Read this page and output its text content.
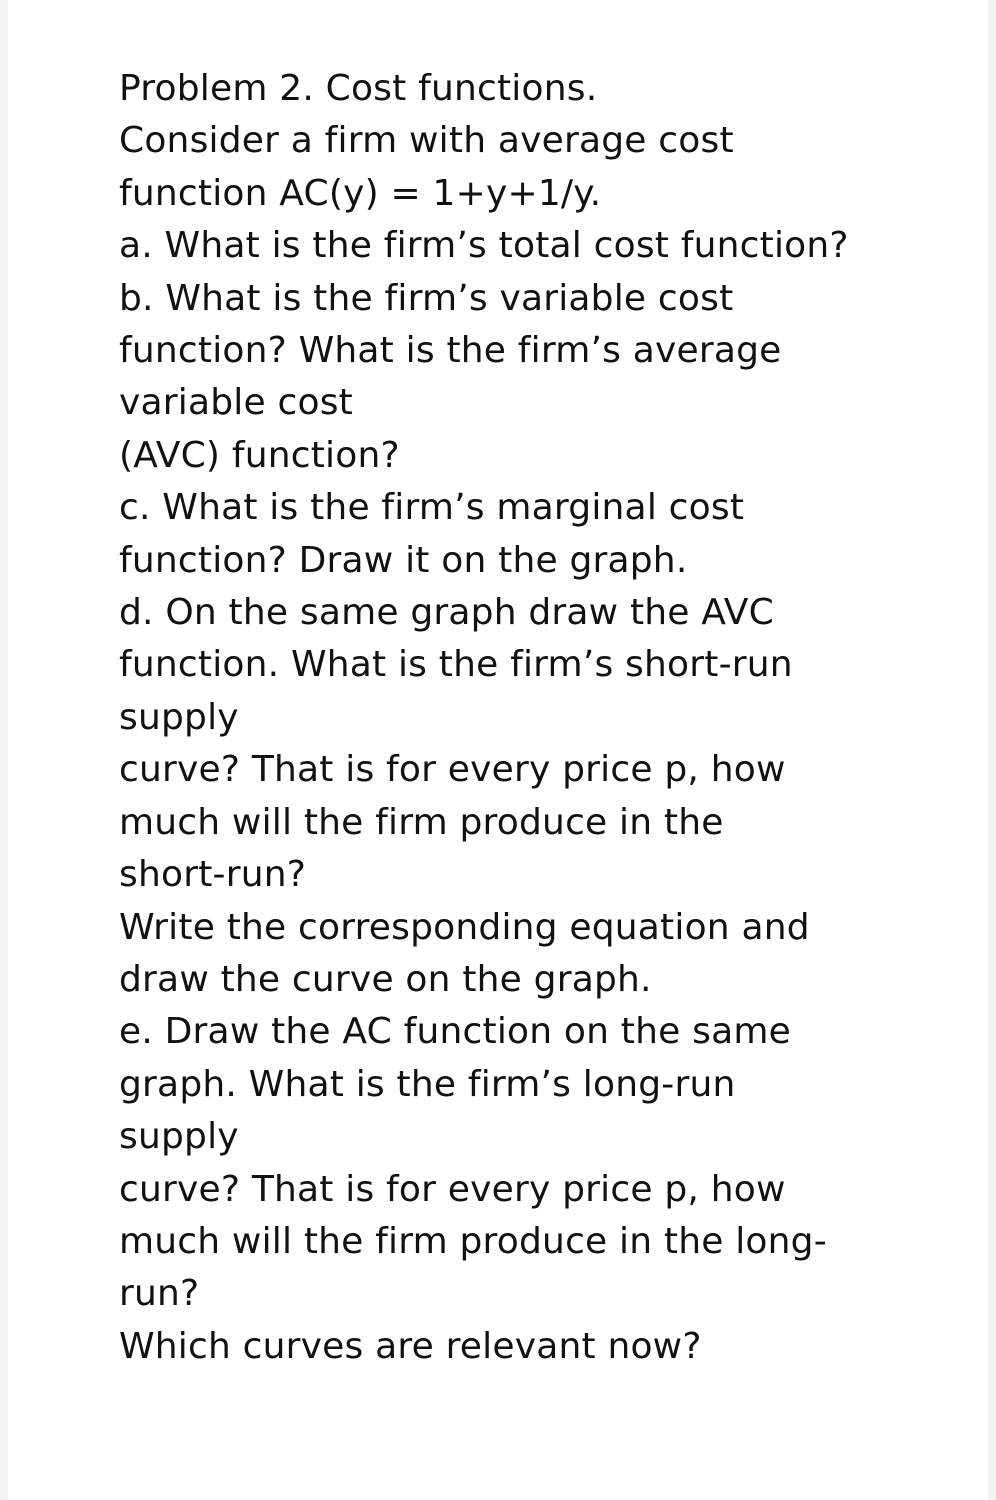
Problem 2. Cost functions.
Consider a firm with average cost
function AC(y) = 1+y+1/y.
a. What is the firm’s total cost function?
b. What is the firm’s variable cost
function? What is the firm’s average
variable cost
(AVC) function?
c. What is the firm’s marginal cost
function? Draw it on the graph.
d. On the same graph draw the AVC
function. What is the firm’s short-run
supply
curve? That is for every price p, how
much will the firm produce in the
short-run?
Write the corresponding equation and
draw the curve on the graph.
e. Draw the AC function on the same
graph. What is the firm’s long-run
supply
curve? That is for every price p, how
much will the firm produce in the long-
run?
Which curves are relevant now?
